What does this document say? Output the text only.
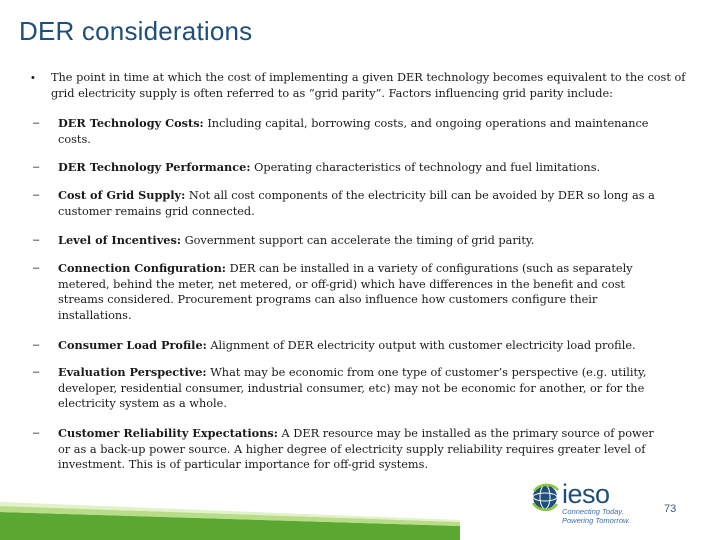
DER considerations
• The point in time at which the cost of implementing a given DER technology becomes equivalent to the cost of grid electricity supply is often referred to as “grid parity”. Factors influencing grid parity include:
– DER Technology Costs: Including capital, borrowing costs, and ongoing operations and maintenance costs.
– DER Technology Performance: Operating characteristics of technology and fuel limitations.
– Cost of Grid Supply: Not all cost components of the electricity bill can be avoided by DER so long as a customer remains grid connected.
– Level of Incentives: Government support can accelerate the timing of grid parity.
– Connection Configuration: DER can be installed in a variety of configurations (such as separately metered, behind the meter, net metered, or off-grid) which have differences in the benefit and cost streams considered. Procurement programs can also influence how customers configure their installations.
– Consumer Load Profile: Alignment of DER electricity output with customer electricity load profile.
– Evaluation Perspective: What may be economic from one type of customer’s perspective (e.g. utility, developer, residential consumer, industrial consumer, etc) may not be economic for another, or for the electricity system as a whole.
– Customer Reliability Expectations: A DER resource may be installed as the primary source of power or as a back-up power source. A higher degree of electricity supply reliability requires greater level of investment. This is of particular importance for off-grid systems.
ieso
Connecting Today.
Powering Tomorrow.
73
